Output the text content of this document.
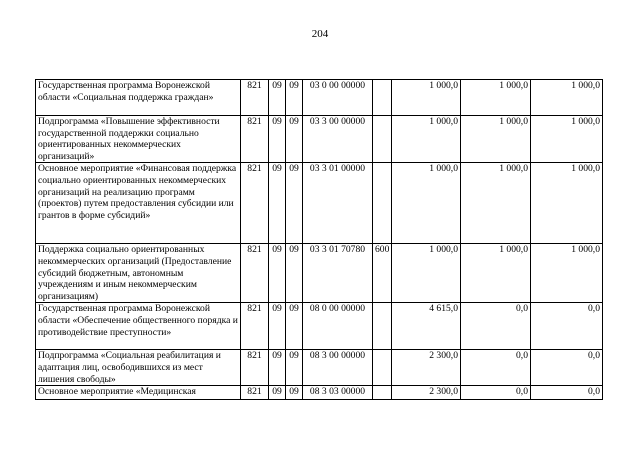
204
Государственная программа Воронежской области «Социальная поддержка граждан»	821	09	09	03 0 00 00000		1 000,0	1 000,0	1 000,0
Подпрограмма «Повышение эффективности государственной поддержки социально ориентированных некоммерческих организаций»	821	09	09	03 3 00 00000		1 000,0	1 000,0	1 000,0
Основное мероприятие «Финансовая поддержка социально ориентированных некоммерческих организаций на реализацию программ (проектов) путем предоставления субсидии или грантов в форме субсидий»	821	09	09	03 3 01 00000		1 000,0	1 000,0	1 000,0
Поддержка социально ориентированных некоммерческих организаций (Предоставление субсидий бюджетным, автономным учреждениям и иным некоммерческим организациям)	821	09	09	03 3 01 70780	600	1 000,0	1 000,0	1 000,0
Государственная программа Воронежской области «Обеспечение общественного порядка и противодействие преступности»	821	09	09	08 0 00 00000		4 615,0	0,0	0,0
Подпрограмма «Социальная реабилитация и адаптация лиц, освободившихся из мест лишения свободы»	821	09	09	08 3 00 00000		2 300,0	0,0	0,0
Основное мероприятие «Медицинская	821	09	09	08 3 03 00000		2 300,0	0,0	0,0
